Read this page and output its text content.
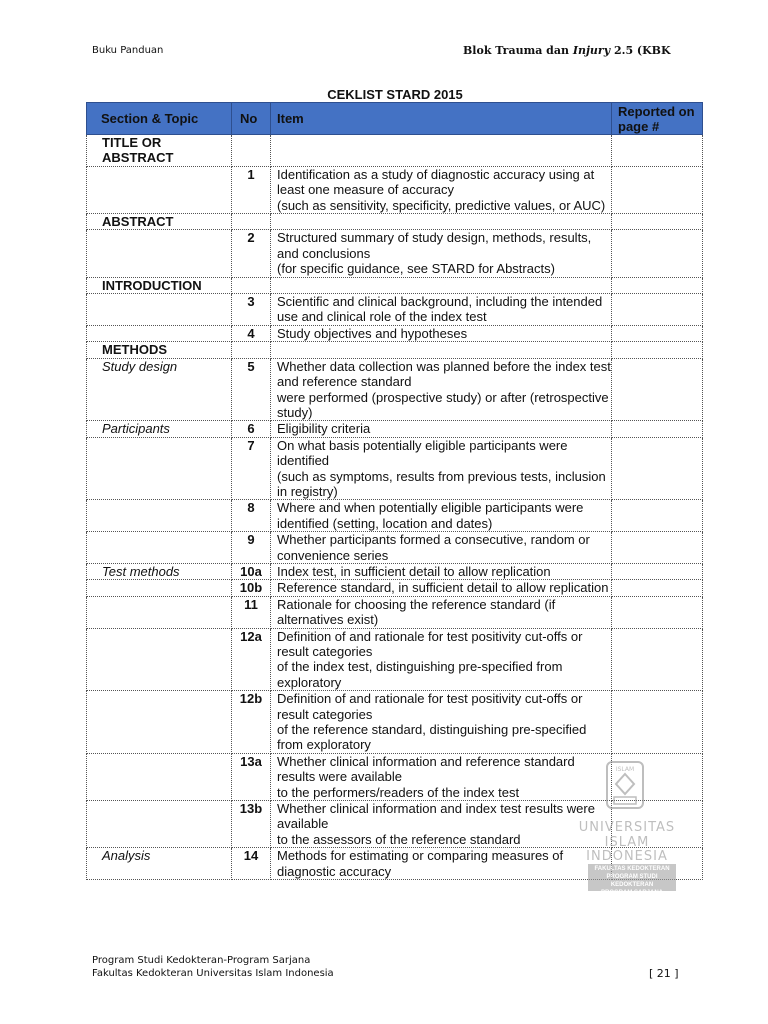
Buku Panduan	Blok Trauma dan Injury 2.5 (KBK
CEKLIST STARD 2015
Section & Topic	No	Item	Reported on page #
TITLE OR ABSTRACT			
	1	Identification as a study of diagnostic accuracy using at least one measure of accuracy
(such as sensitivity, specificity, predictive values, or AUC)	
ABSTRACT			
	2	Structured summary of study design, methods, results, and conclusions
(for specific guidance, see STARD for Abstracts)	
INTRODUCTION			
	3	Scientific and clinical background, including the intended use and clinical role of the index test	
	4	Study objectives and hypotheses	
METHODS			
Study design	5	Whether data collection was planned before the index test and reference standard
were performed (prospective study) or after (retrospective study)	
Participants	6	Eligibility criteria	
	7	On what basis potentially eligible participants were identified
(such as symptoms, results from previous tests, inclusion in registry)	
	8	Where and when potentially eligible participants were identified (setting, location and dates)	
	9	Whether participants formed a consecutive, random or convenience series	
Test methods	10a	Index test, in sufficient detail to allow replication	
	10b	Reference standard, in sufficient detail to allow replication	
	11	Rationale for choosing the reference standard (if alternatives exist)	
	12a	Definition of and rationale for test positivity cut-offs or result categories
of the index test, distinguishing pre-specified from exploratory	
	12b	Definition of and rationale for test positivity cut-offs or result categories
of the reference standard, distinguishing pre-specified from exploratory	
	13a	Whether clinical information and reference standard results were available
to the performers/readers of the index test	
	13b	Whether clinical information and index test results were available
to the assessors of the reference standard	
Analysis	14	Methods for estimating or comparing measures of diagnostic accuracy	
ISLAM
UNIVERSITAS
ISLAM
INDONESIA
FAKULTAS KEDOKTERAN
PROGRAM STUDI KEDOKTERAN
PROGRAM SARJANA
Program Studi Kedokteran-Program Sarjana
Fakultas Kedokteran Universitas Islam Indonesia	[ 21 ]
